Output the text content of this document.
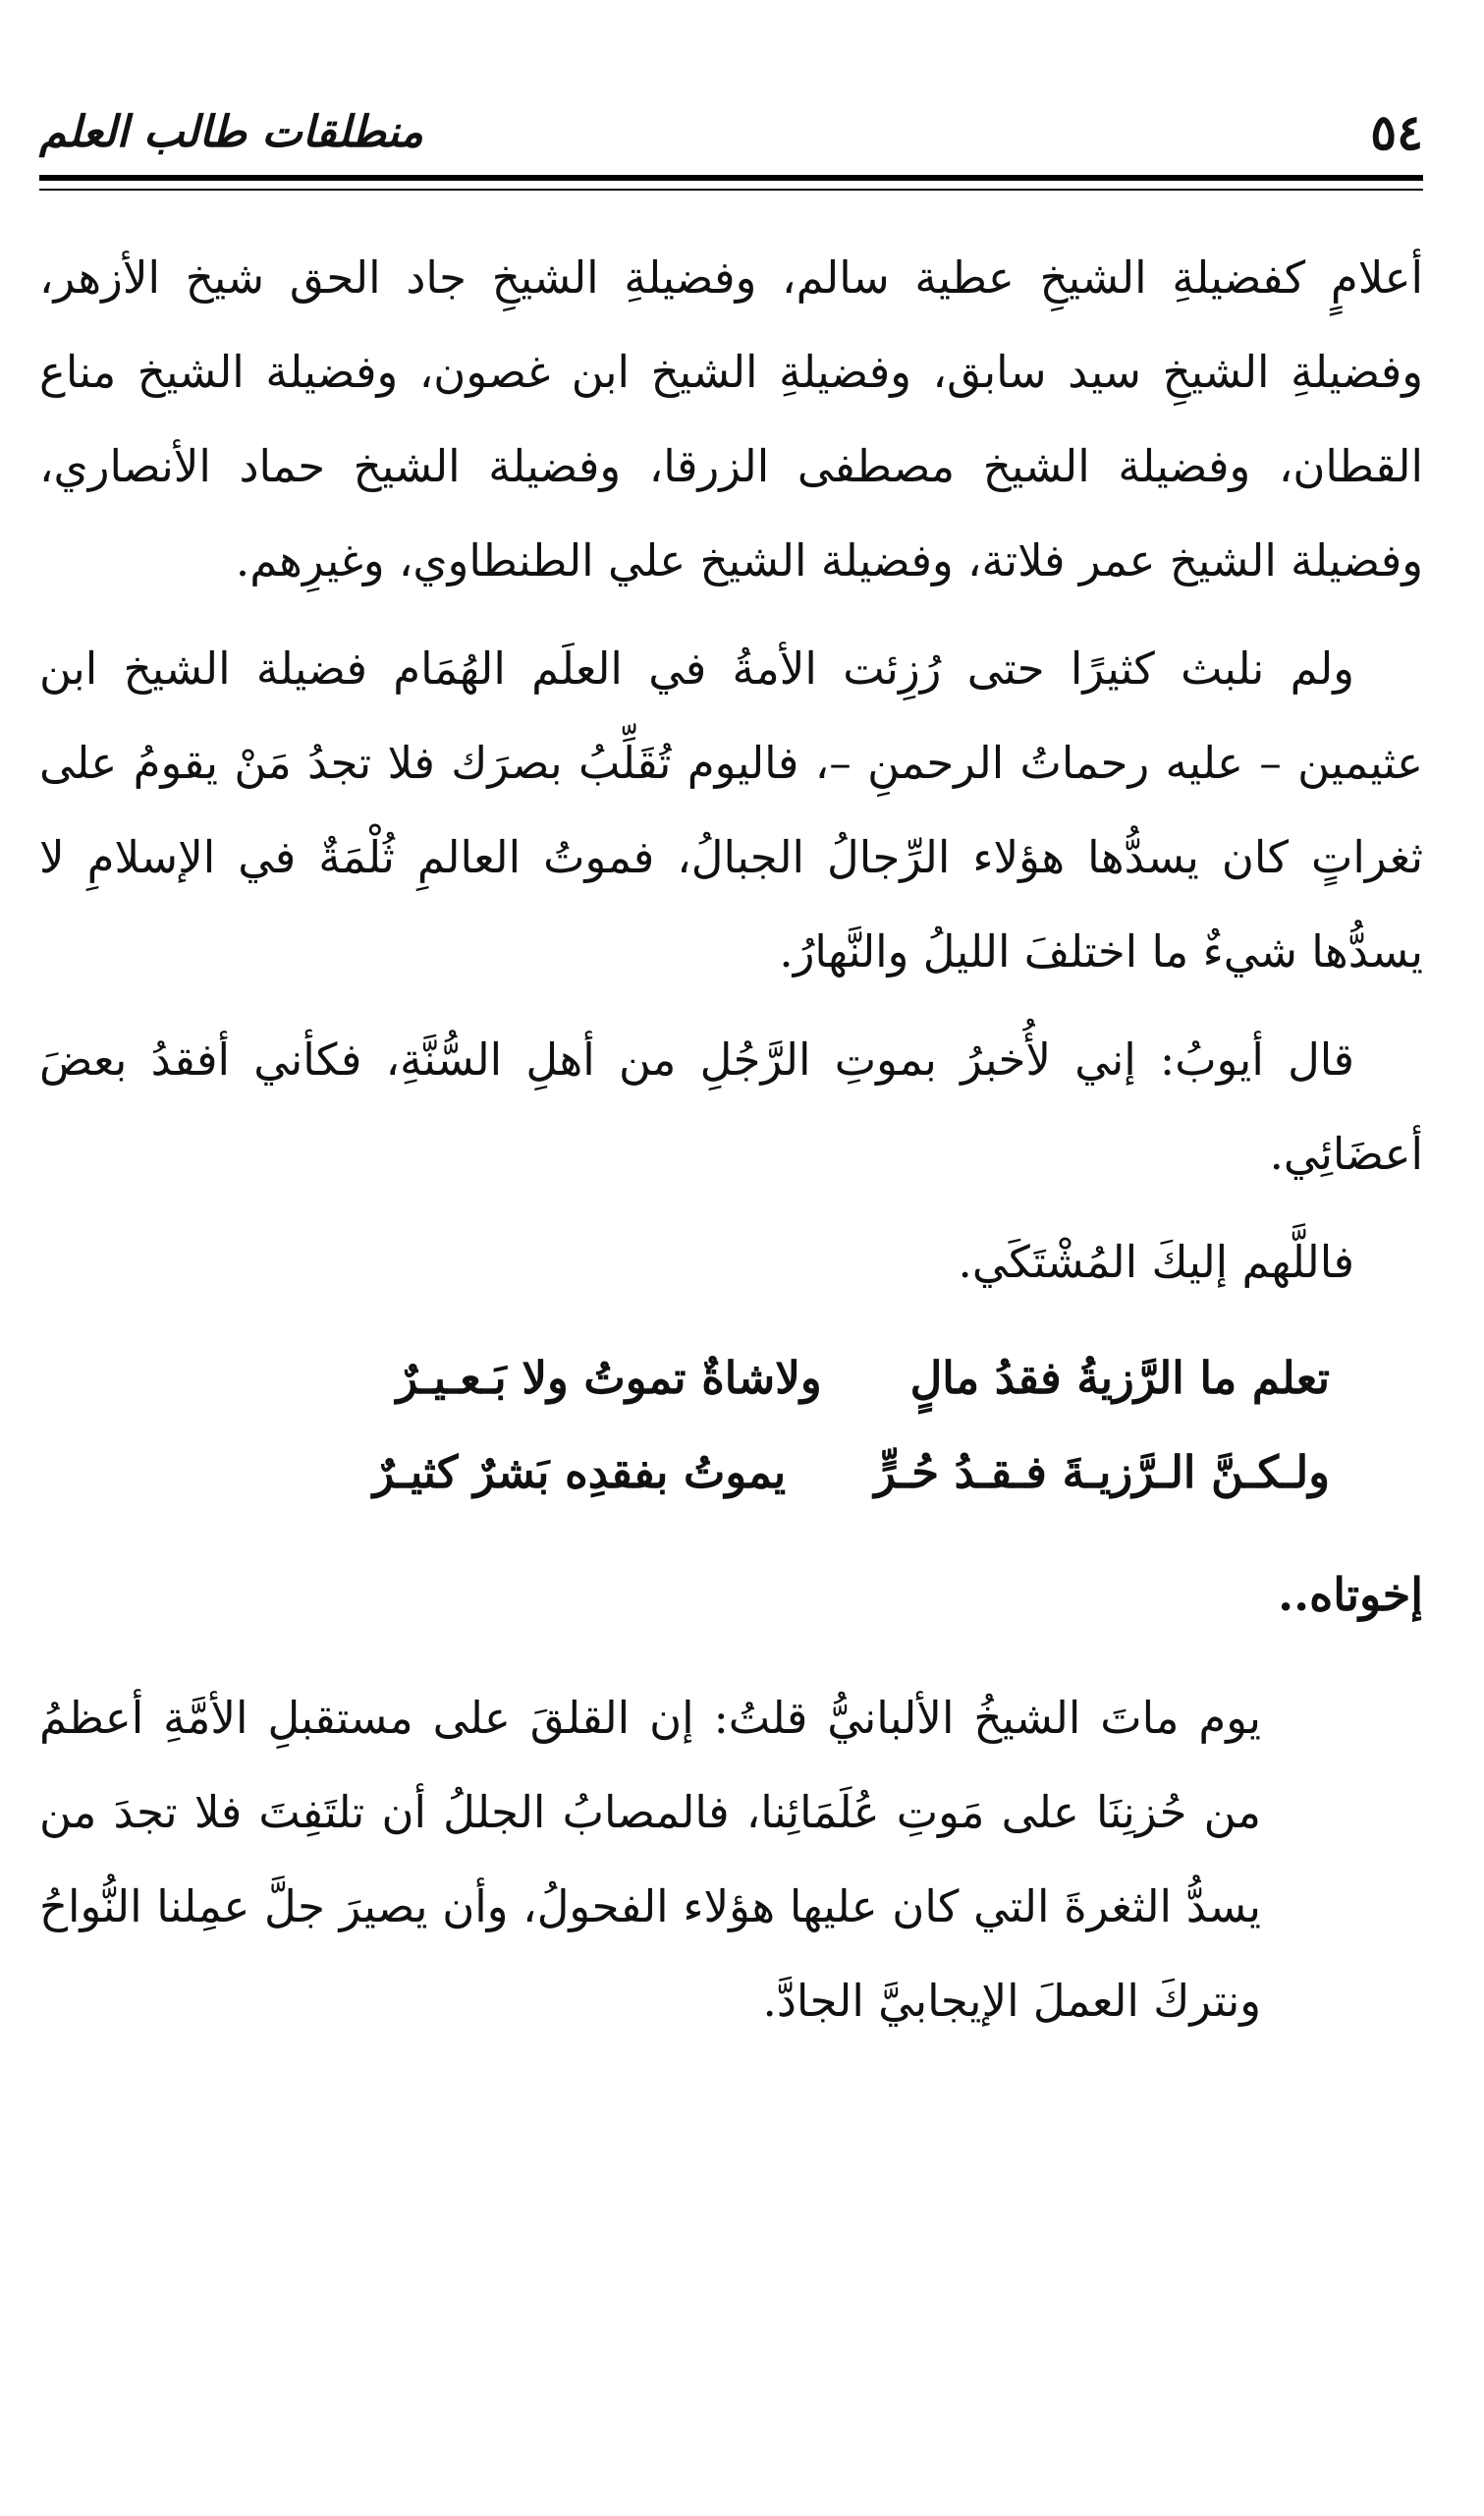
٥٤
منطلقات طالب العلم

أعلامٍ كفضيلةِ الشيخِ عطية سالم، وفضيلةِ الشيخِ جاد الحق شيخ الأزهر، وفضيلةِ الشيخِ سيد سابق، وفضيلةِ الشيخ ابن غصون، وفضيلة الشيخ مناع القطان، وفضيلة الشيخ مصطفى الزرقا، وفضيلة الشيخ حماد الأنصاري، وفضيلة الشيخ عمر فلاتة، وفضيلة الشيخ علي الطنطاوي، وغيرِهم.

ولم نلبث كثيرًا حتى رُزِئت الأمةُ في العلَم الهُمَام فضيلة الشيخ ابن عثيمين – عليه رحماتُ الرحمنِ –، فاليوم تُقَلِّبُ بصرَك فلا تجدُ مَنْ يقومُ على ثغراتٍ كان يسدُّها هؤلاء الرِّجالُ الجبالُ، فموتُ العالمِ ثُلْمَةٌ في الإسلامِ لا يسدُّها شيءٌ ما اختلفَ الليلُ والنَّهارُ.

قال أيوبُ: إني لأُخبرُ بموتِ الرَّجُلِ من أهلِ السُّنَّةِ، فكأني أفقدُ بعضَ أعضَائِي.

فاللَّهم إليكَ المُشْتَكَي.

تعلم ما الرَّزيةُ فقدُ مالٍ
ولاشاةٌ تموتُ ولا بَـعـيـرٌ
ولـكـنَّ الـرَّزيـةَ فـقـدُ حُـرٍّ
يموتُ بفقدِه بَشرٌ كثيـرٌ
إخوتاه..

يوم ماتَ الشيخُ الألبانيُّ قلتُ: إن القلقَ على مستقبلِ الأمَّةِ أعظمُ من حُزنِنَا على مَوتِ عُلَمَائِنا، فالمصابُ الجللُ أن تلتَفِتَ فلا تجدَ من يسدُّ الثغرةَ التي كان عليها هؤلاء الفحولُ، وأن يصيرَ جلَّ عمِلنا النُّواحُ ونتركَ العملَ الإيجابيَّ الجادَّ.
